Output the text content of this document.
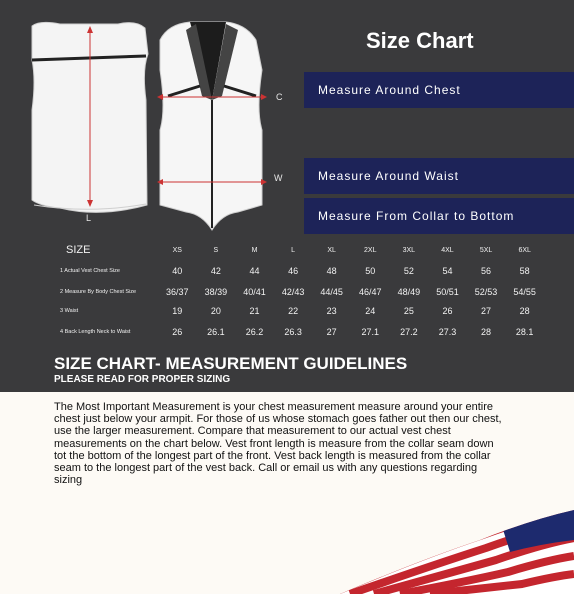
C
W
L
Size Chart
Measure Around Chest
Measure Around Waist
Measure From Collar to Bottom
SIZE	XS	S	M	L	XL	2XL	3XL	4XL	5XL	6XL
1 Actual Vest Chest Size	40	42	44	46	48	50	52	54	56	58
2 Measure By Body Chest Size	36/37	38/39	40/41	42/43	44/45	46/47	48/49	50/51	52/53	54/55
3 Waist	19	20	21	22	23	24	25	26	27	28
4 Back Length Neck to Waist	26	26.1	26.2	26.3	27	27.1	27.2	27.3	28	28.1
SIZE CHART- MEASUREMENT GUIDELINES
PLEASE READ FOR PROPER SIZING
The Most Important Measurement is your chest measurement measure around your entire chest just below your armpit. For those of us whose stomach goes father out then our chest, use the larger measurement. Compare that measurement to our actual vest chest measurements on the chart below. Vest front length is measure from the collar seam down tot the bottom of the longest part of the front. Vest back length is measured from the collar seam to the longest part of the vest back. Call or email us with any questions regarding sizing
